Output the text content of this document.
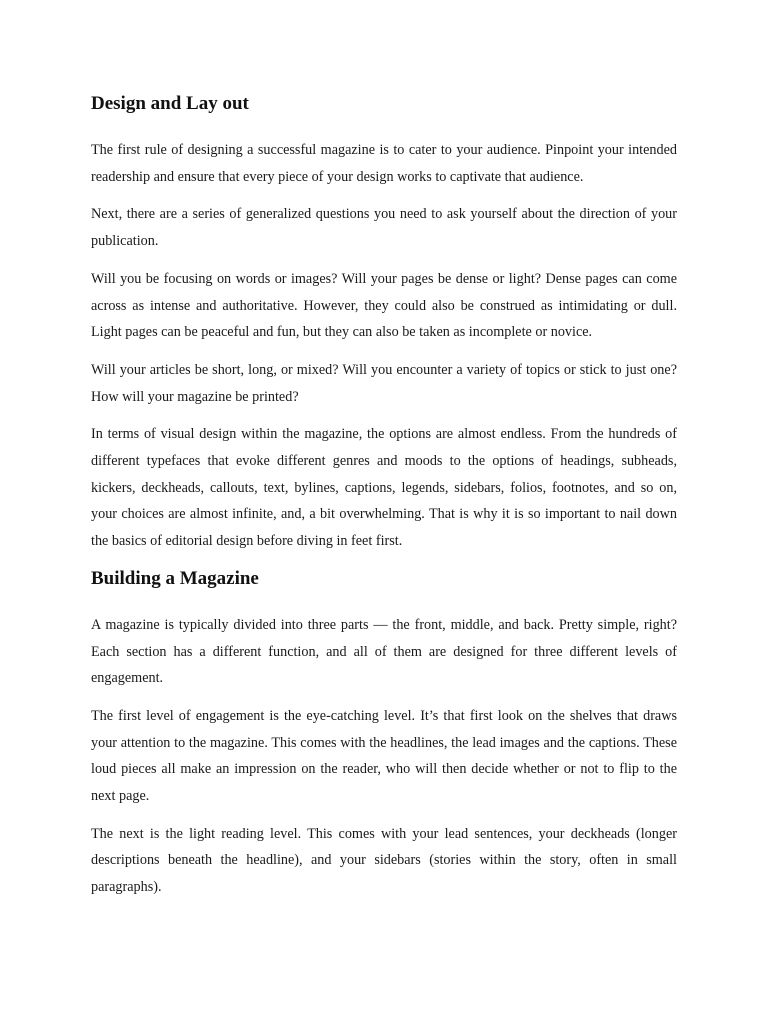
Design and Lay out

The first rule of designing a successful magazine is to cater to your audience. Pinpoint your intended readership and ensure that every piece of your design works to captivate that audience.

Next, there are a series of generalized questions you need to ask yourself about the direction of your publication.

Will you be focusing on words or images? Will your pages be dense or light? Dense pages can come across as intense and authoritative. However, they could also be construed as intimidating or dull. Light pages can be peaceful and fun, but they can also be taken as incomplete or novice.

Will your articles be short, long, or mixed? Will you encounter a variety of topics or stick to just one? How will your magazine be printed?

In terms of visual design within the magazine, the options are almost endless. From the hundreds of different typefaces that evoke different genres and moods to the options of headings, subheads, kickers, deckheads, callouts, text, bylines, captions, legends, sidebars, folios, footnotes, and so on, your choices are almost infinite, and, a bit overwhelming. That is why it is so important to nail down the basics of editorial design before diving in feet first.

Building a Magazine

A magazine is typically divided into three parts — the front, middle, and back. Pretty simple, right? Each section has a different function, and all of them are designed for three different levels of engagement.

The first level of engagement is the eye-catching level. It’s that first look on the shelves that draws your attention to the magazine. This comes with the headlines, the lead images and the captions. These loud pieces all make an impression on the reader, who will then decide whether or not to flip to the next page.

The next is the light reading level. This comes with your lead sentences, your deckheads (longer descriptions beneath the headline), and your sidebars (stories within the story, often in small paragraphs).
